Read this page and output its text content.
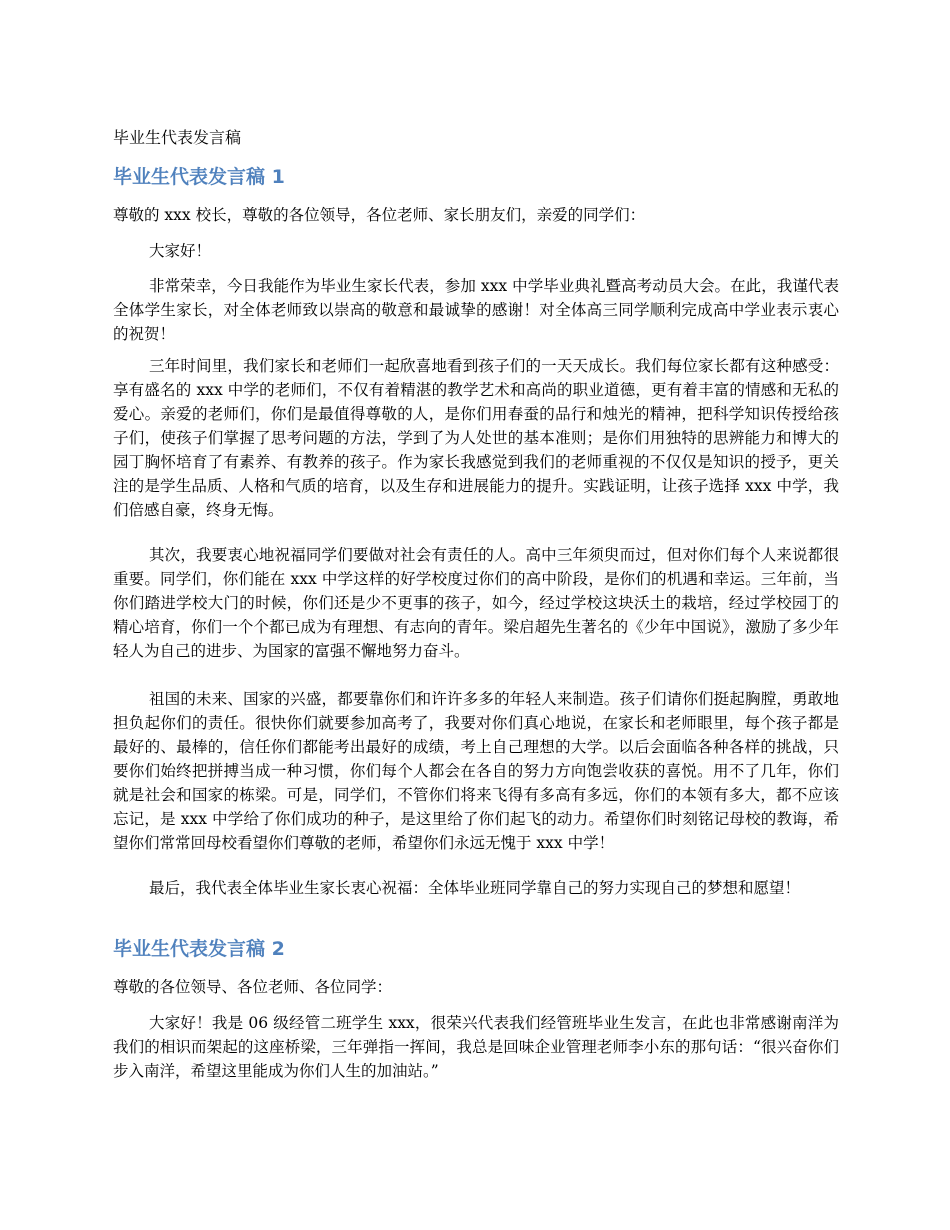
毕业生代表发言稿

毕业生代表发言稿 1

尊敬的 xxx 校长，尊敬的各位领导，各位老师、家长朋友们，亲爱的同学们：

大家好！

非常荣幸，今日我能作为毕业生家长代表，参加 xxx 中学毕业典礼暨高考动员大会。在此，我谨代表全体学生家长，对全体老师致以崇高的敬意和最诚挚的感谢！对全体高三同学顺利完成高中学业表示衷心的祝贺！

三年时间里，我们家长和老师们一起欣喜地看到孩子们的一天天成长。我们每位家长都有这种感受：享有盛名的 xxx 中学的老师们，不仅有着精湛的教学艺术和高尚的职业道德，更有着丰富的情感和无私的爱心。亲爱的老师们，你们是最值得尊敬的人，是你们用春蚕的品行和烛光的精神，把科学知识传授给孩子们，使孩子们掌握了思考问题的方法，学到了为人处世的基本准则；是你们用独特的思辨能力和博大的园丁胸怀培育了有素养、有教养的孩子。作为家长我感觉到我们的老师重视的不仅仅是知识的授予，更关注的是学生品质、人格和气质的培育，以及生存和进展能力的提升。实践证明，让孩子选择 xxx 中学，我们倍感自豪，终身无悔。

其次，我要衷心地祝福同学们要做对社会有责任的人。高中三年须臾而过，但对你们每个人来说都很重要。同学们，你们能在 xxx 中学这样的好学校度过你们的高中阶段，是你们的机遇和幸运。三年前，当你们踏进学校大门的时候，你们还是少不更事的孩子，如今，经过学校这块沃土的栽培，经过学校园丁的精心培育，你们一个个都已成为有理想、有志向的青年。梁启超先生著名的《少年中国说》，激励了多少年轻人为自己的进步、为国家的富强不懈地努力奋斗。

祖国的未来、国家的兴盛，都要靠你们和许许多多的年轻人来制造。孩子们请你们挺起胸膛，勇敢地担负起你们的责任。很快你们就要参加高考了，我要对你们真心地说，在家长和老师眼里，每个孩子都是最好的、最棒的，信任你们都能考出最好的成绩，考上自己理想的大学。以后会面临各种各样的挑战，只要你们始终把拼搏当成一种习惯，你们每个人都会在各自的努力方向饱尝收获的喜悦。用不了几年，你们就是社会和国家的栋梁。可是，同学们，不管你们将来飞得有多高有多远，你们的本领有多大，都不应该忘记，是 xxx 中学给了你们成功的种子，是这里给了你们起飞的动力。希望你们时刻铭记母校的教诲，希望你们常常回母校看望你们尊敬的老师，希望你们永远无愧于 xxx 中学！

最后，我代表全体毕业生家长衷心祝福：全体毕业班同学靠自己的努力实现自己的梦想和愿望！

毕业生代表发言稿 2

尊敬的各位领导、各位老师、各位同学：

大家好！我是 06 级经管二班学生 xxx，很荣兴代表我们经管班毕业生发言，在此也非常感谢南洋为我们的相识而架起的这座桥梁，三年弹指一挥间，我总是回味企业管理老师李小东的那句话：“很兴奋你们步入南洋，希望这里能成为你们人生的加油站。”
